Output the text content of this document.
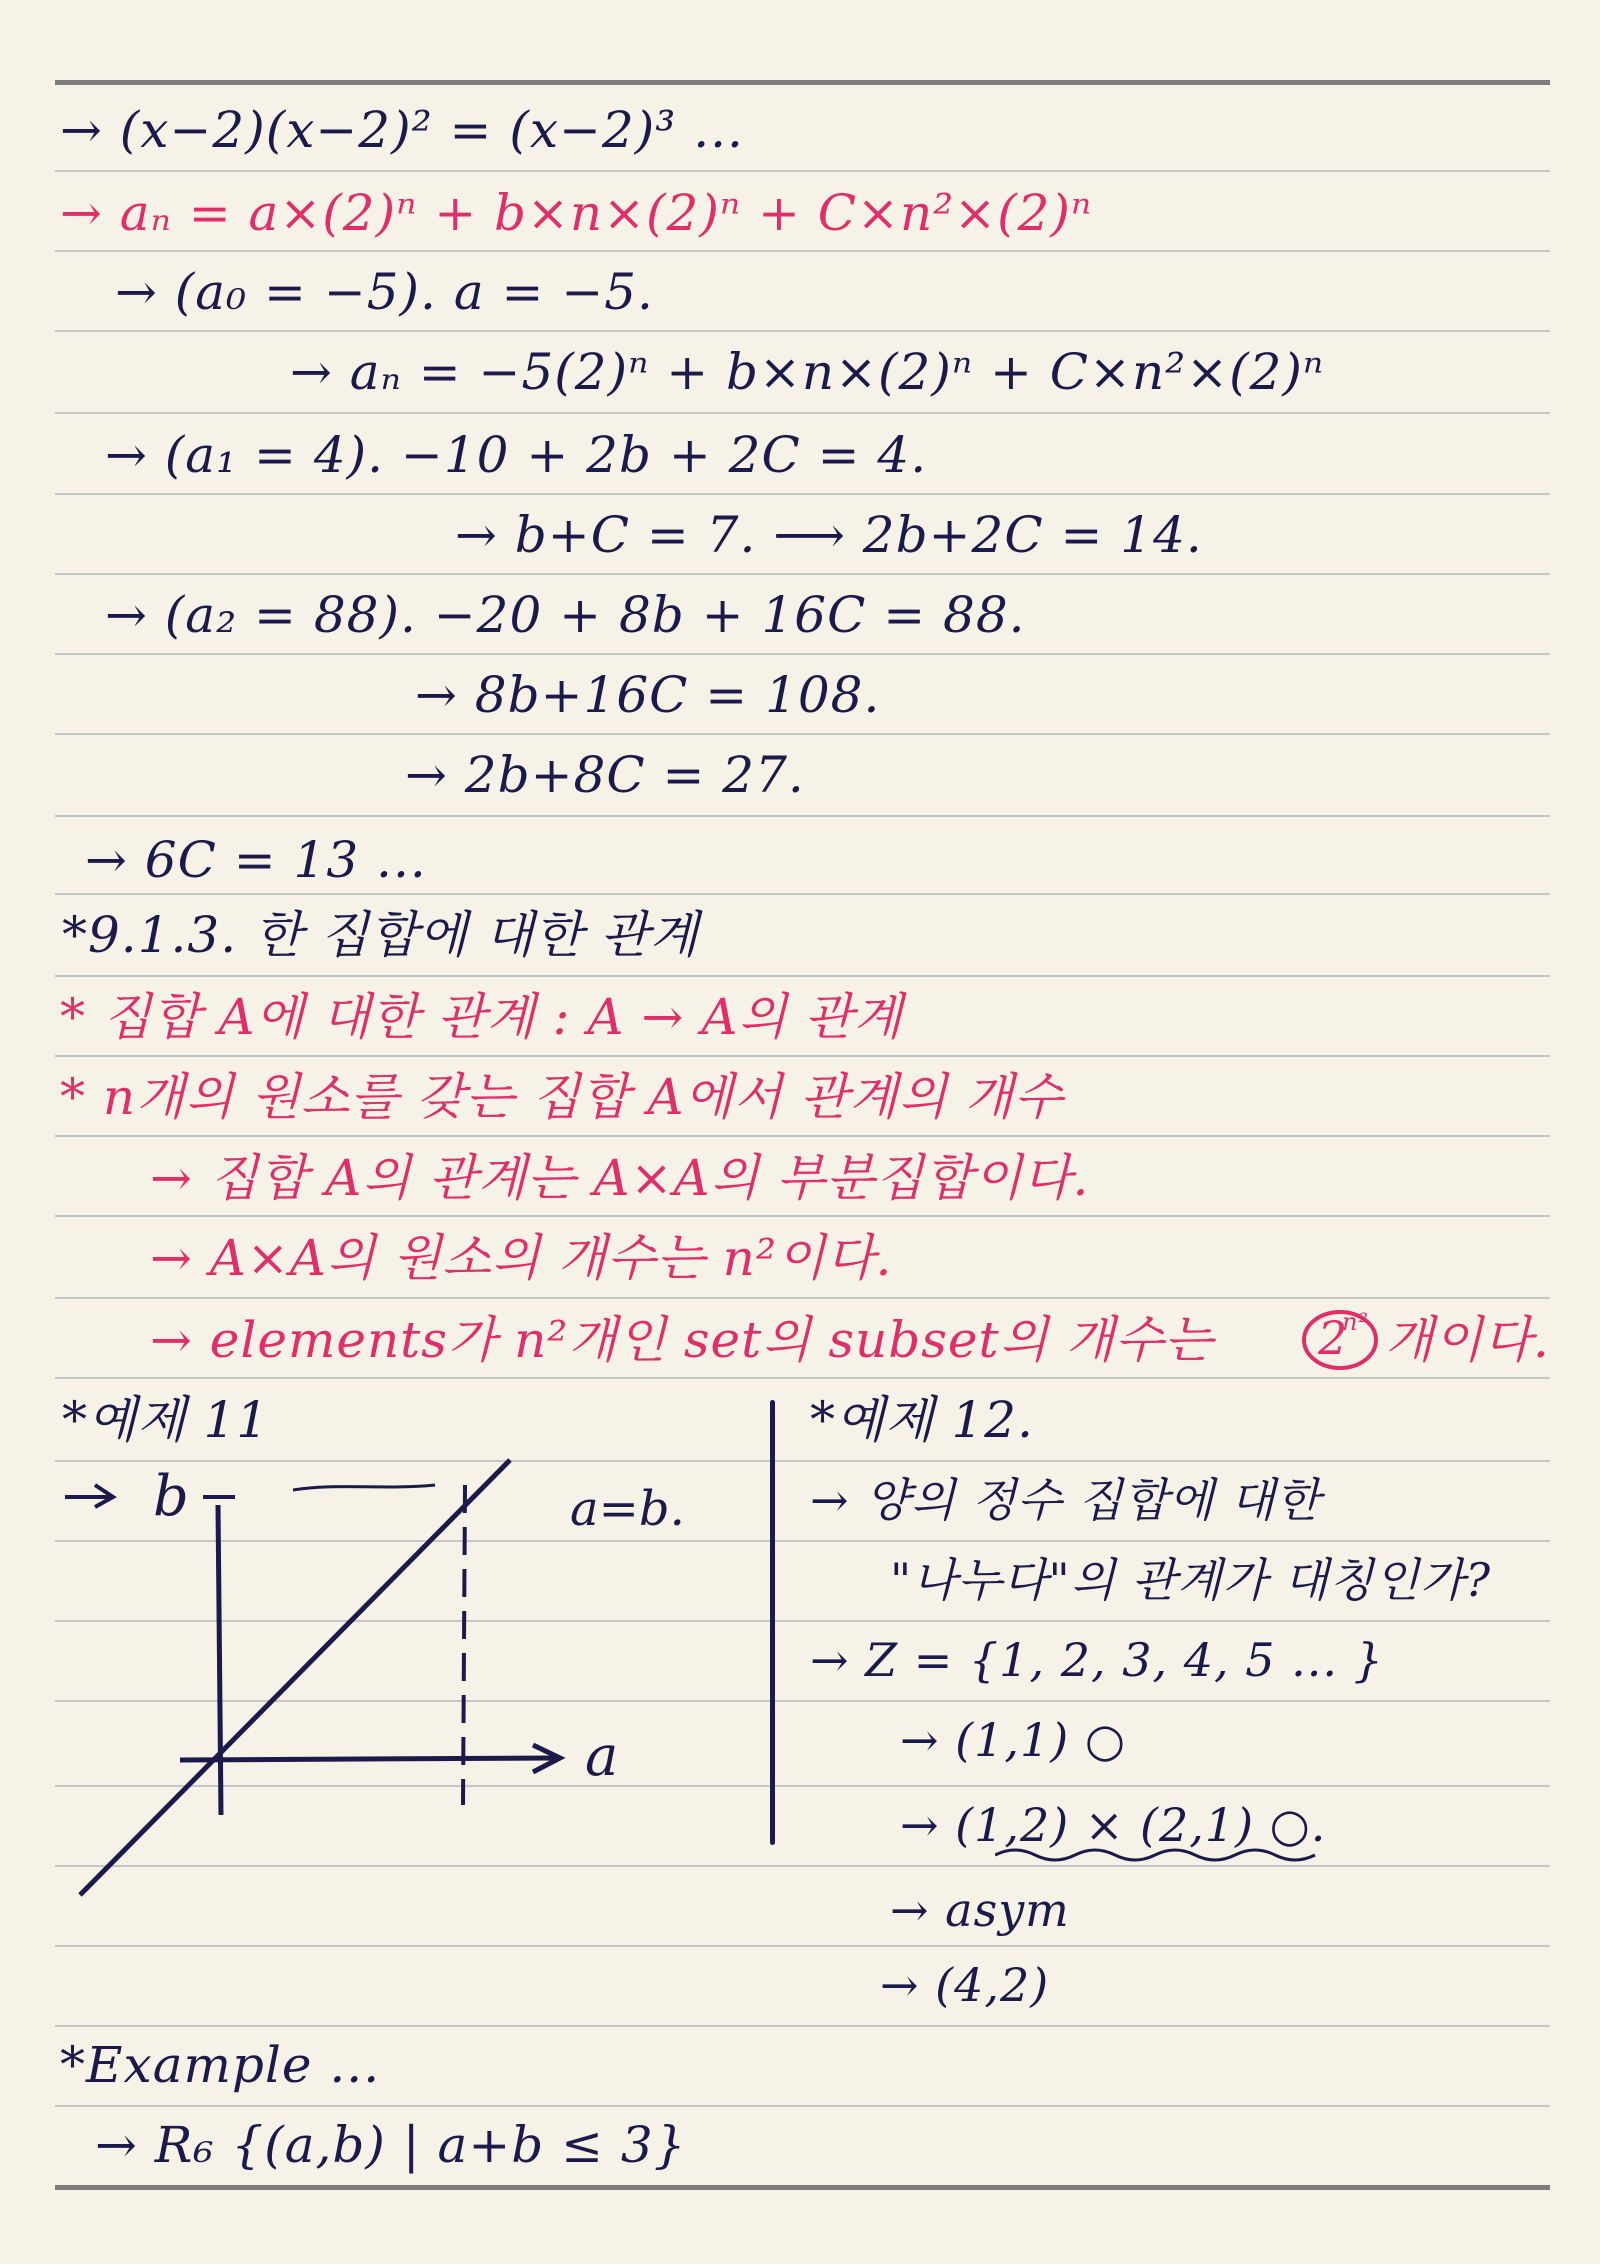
→ (𝑥−2)(𝑥−2)² = (𝑥−2)³ ...
→ aₙ = a×(2)ⁿ + b×n×(2)ⁿ + C×n²×(2)ⁿ
→ (a₀ = −5). a = −5.
→ aₙ = −5(2)ⁿ + b×n×(2)ⁿ + C×n²×(2)ⁿ
→ (a₁ = 4). −10 + 2b + 2C = 4.
→ b+C = 7. ⟶ 2b+2C = 14.
→ (a₂ = 88). −20 + 8b + 16C = 88.
→ 8b+16C = 108.
→ 2b+8C = 27.
→ 6C = 13 ...
*9.1.3. 한 집합에 대한 관계
* 집합 A에 대한 관계 : A → A의 관계
* n개의 원소를 갖는 집합 A에서 관계의 개수
→ 집합 A의 관계는 A×A의 부분집합이다.
→ A×A의 원소의 개수는 n²이다.
→ elements가 n²개인 set의 subset의 개수는 2
n² 개이다.
*예제 11
b
a
a=b.
*예제 12.
→ 양의 정수 집합에 대한
"나누다"의 관계가 대칭인가?
→ Z = {1, 2, 3, 4, 5 ... }
→ (1,1) ○
→ (1,2) × (2,1) ○.
→ asym
→ (4,2)
*Example ...
→ R₆ {(a,b) | a+b ≤ 3}
